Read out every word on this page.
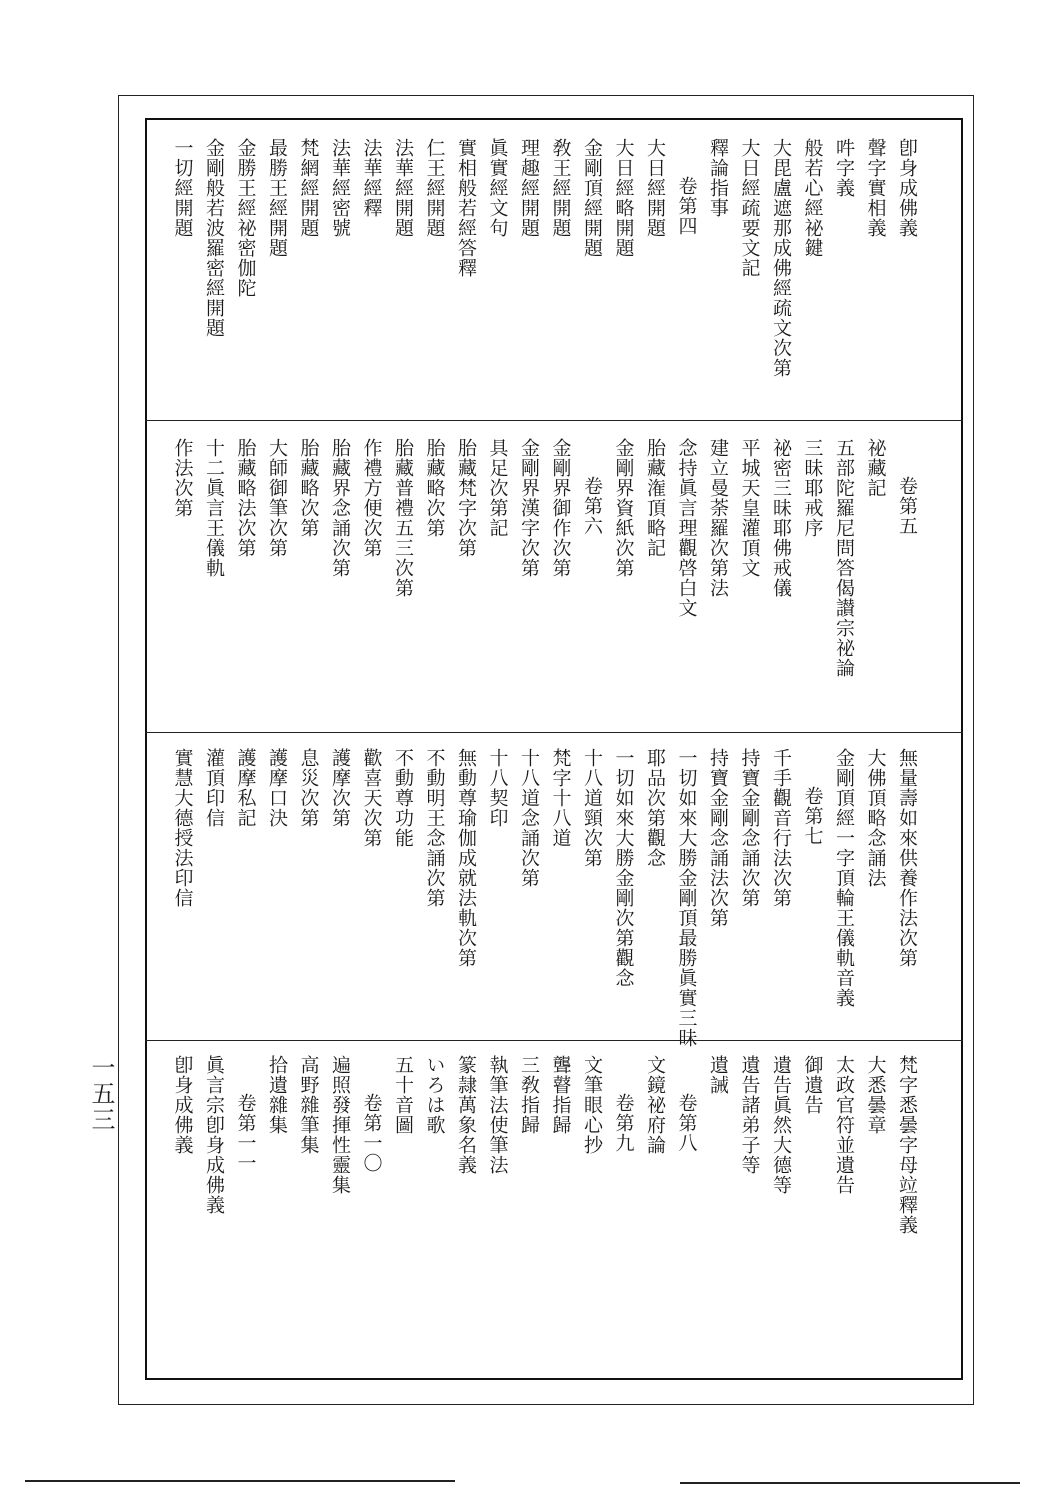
卽身成佛義
聲字實相義
吽字義
般若心經祕鍵
大毘盧遮那成佛經疏文次第
大日經疏要文記
釋論指事
卷第四
大日經開題
大日經略開題
金剛頂經開題
敎王經開題
理趣經開題
眞實經文句
實相般若經答釋
仁王經開題
法華經開題
法華經釋
法華經密號
梵網經開題
最勝王經開題
金勝王經祕密伽陀
金剛般若波羅密經開題
一切經開題
卷第五
祕藏記
五部陀羅尼問答偈讃宗祕論
三昧耶戒序
祕密三昧耶佛戒儀
平城天皇灌頂文
建立曼荼羅次第法
念持眞言理觀啓白文
胎藏潅頂略記
金剛界資紙次第
卷第六
金剛界御作次第
金剛界漢字次第
具足次第記
胎藏梵字次第
胎藏略次第
胎藏普禮五三次第
作禮方便次第
胎藏界念誦次第
胎藏略次第
大師御筆次第
胎藏略法次第
十二眞言王儀軌
作法次第
無量壽如來供養作法次第
大佛頂略念誦法
金剛頂經一字頂輪王儀軌音義
卷第七
千手觀音行法次第
持寶金剛念誦次第
持寶金剛念誦法次第
一切如來大勝金剛頂最勝眞實三昧
耶品次第觀念
一切如來大勝金剛次第觀念
十八道頸次第
梵字十八道
十八道念誦次第
十八契印
無動尊瑜伽成就法軌次第
不動明王念誦次第
不動尊功能
歡喜天次第
護摩次第
息災次第
護摩口決
護摩私記
灌頂印信
實慧大德授法印信
梵字悉曇字母竝釋義
大悉曇章
太政官符並遺告
御遺告
遺告眞然大德等
遺告諸弟子等
遺誡
卷第八
文鏡祕府論
卷第九
文筆眼心抄
聾瞽指歸
三敎指歸
執筆法使筆法
篆隷萬象名義
いろは歌
五十音圖
卷第一〇
遍照發揮性靈集
高野雜筆集
拾遺雜集
卷第一一
眞言宗卽身成佛義
卽身成佛義
一五三
